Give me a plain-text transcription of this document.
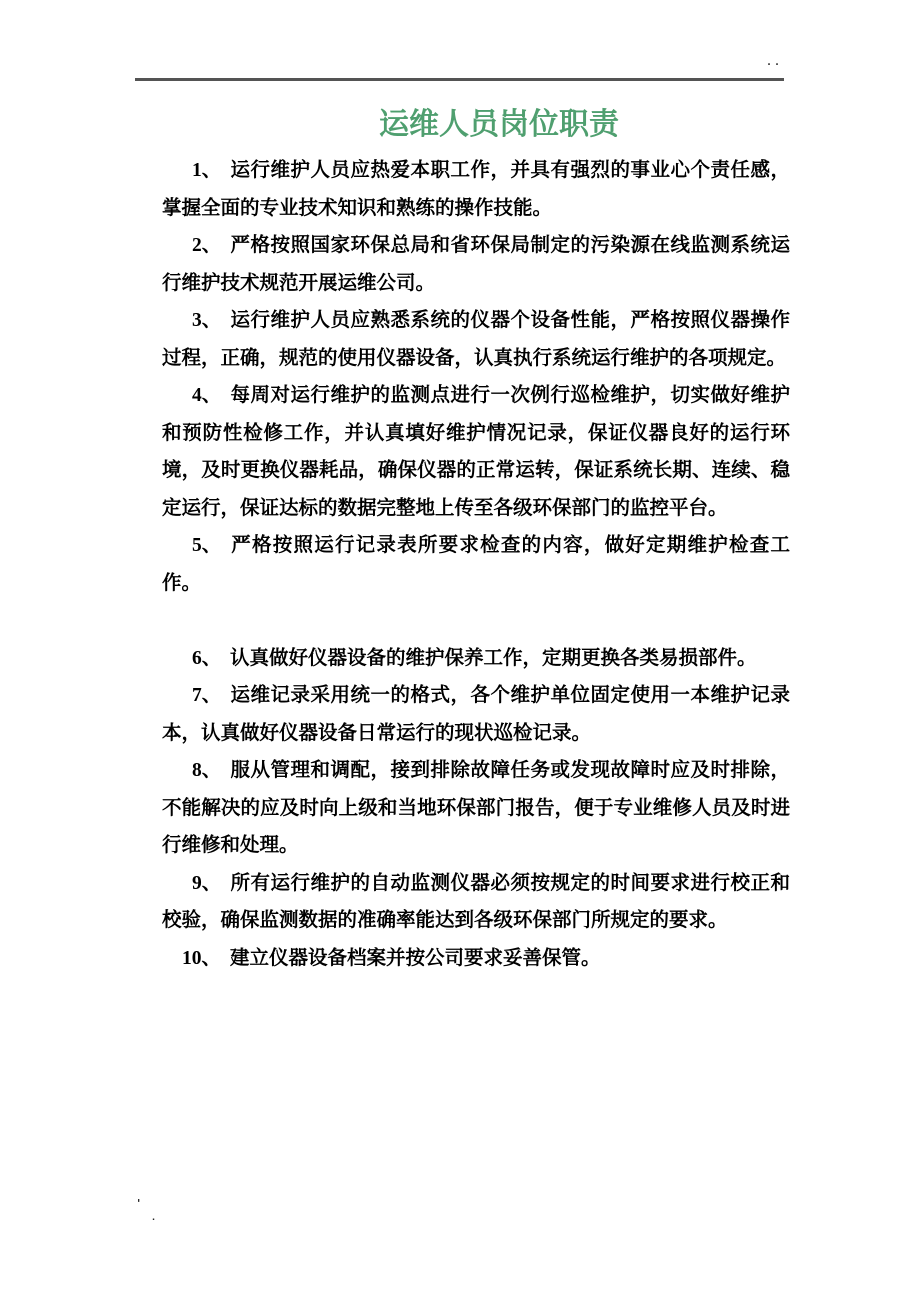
..
运维人员岗位职责

1、 运行维护人员应热爱本职工作，并具有强烈的事业心个责任感，掌握全面的专业技术知识和熟练的操作技能。

2、 严格按照国家环保总局和省环保局制定的污染源在线监测系统运行维护技术规范开展运维公司。

3、 运行维护人员应熟悉系统的仪器个设备性能，严格按照仪器操作过程，正确，规范的使用仪器设备，认真执行系统运行维护的各项规定。

4、 每周对运行维护的监测点进行一次例行巡检维护，切实做好维护和预防性检修工作，并认真填好维护情况记录，保证仪器良好的运行环境，及时更换仪器耗品，确保仪器的正常运转，保证系统长期、连续、稳定运行，保证达标的数据完整地上传至各级环保部门的监控平台。

5、 严格按照运行记录表所要求检查的内容，做好定期维护检查工作。

6、 认真做好仪器设备的维护保养工作，定期更换各类易损部件。

7、 运维记录采用统一的格式，各个维护单位固定使用一本维护记录本，认真做好仪器设备日常运行的现状巡检记录。

8、 服从管理和调配，接到排除故障任务或发现故障时应及时排除，不能解决的应及时向上级和当地环保部门报告，便于专业维修人员及时进行维修和处理。

9、 所有运行维护的自动监测仪器必须按规定的时间要求进行校正和校验，确保监测数据的准确率能达到各级环保部门所规定的要求。

10、 建立仪器设备档案并按公司要求妥善保管。

'
.
